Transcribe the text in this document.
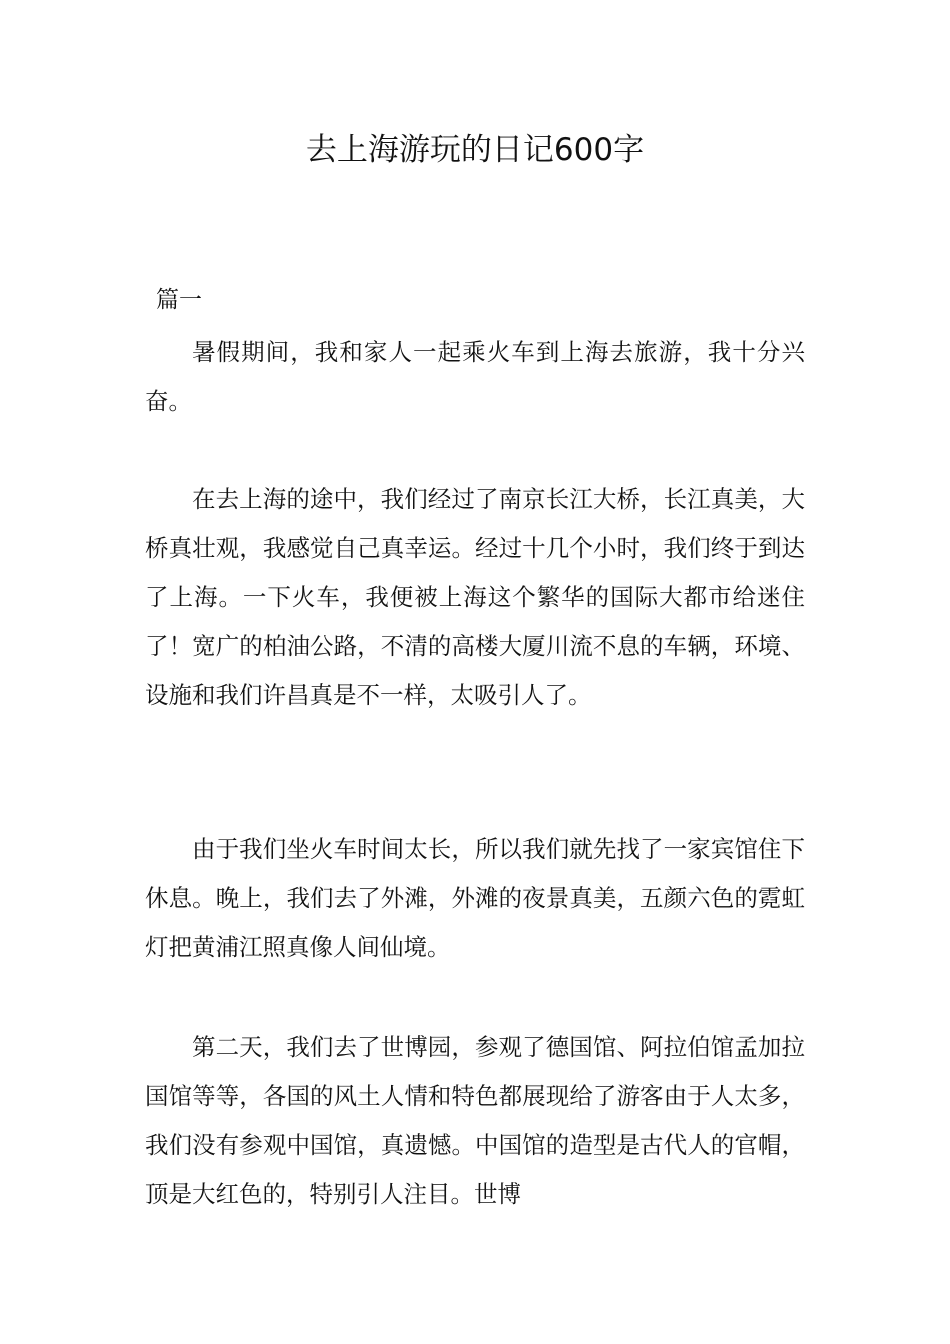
去上海游玩的日记600字

篇一

暑假期间，我和家人一起乘火车到上海去旅游，我十分兴奋。

在去上海的途中，我们经过了南京长江大桥，长江真美，大桥真壮观，我感觉自己真幸运。经过十几个小时，我们终于到达了上海。一下火车，我便被上海这个繁华的国际大都市给迷住了！宽广的柏油公路，不清的高楼大厦川流不息的车辆，环境、设施和我们许昌真是不一样，太吸引人了。

由于我们坐火车时间太长，所以我们就先找了一家宾馆住下休息。晚上，我们去了外滩，外滩的夜景真美，五颜六色的霓虹灯把黄浦江照真像人间仙境。

第二天，我们去了世博园，参观了德国馆、阿拉伯馆孟加拉国馆等等，各国的风土人情和特色都展现给了游客由于人太多，我们没有参观中国馆，真遗憾。中国馆的造型是古代人的官帽，顶是大红色的，特别引人注目。世博
